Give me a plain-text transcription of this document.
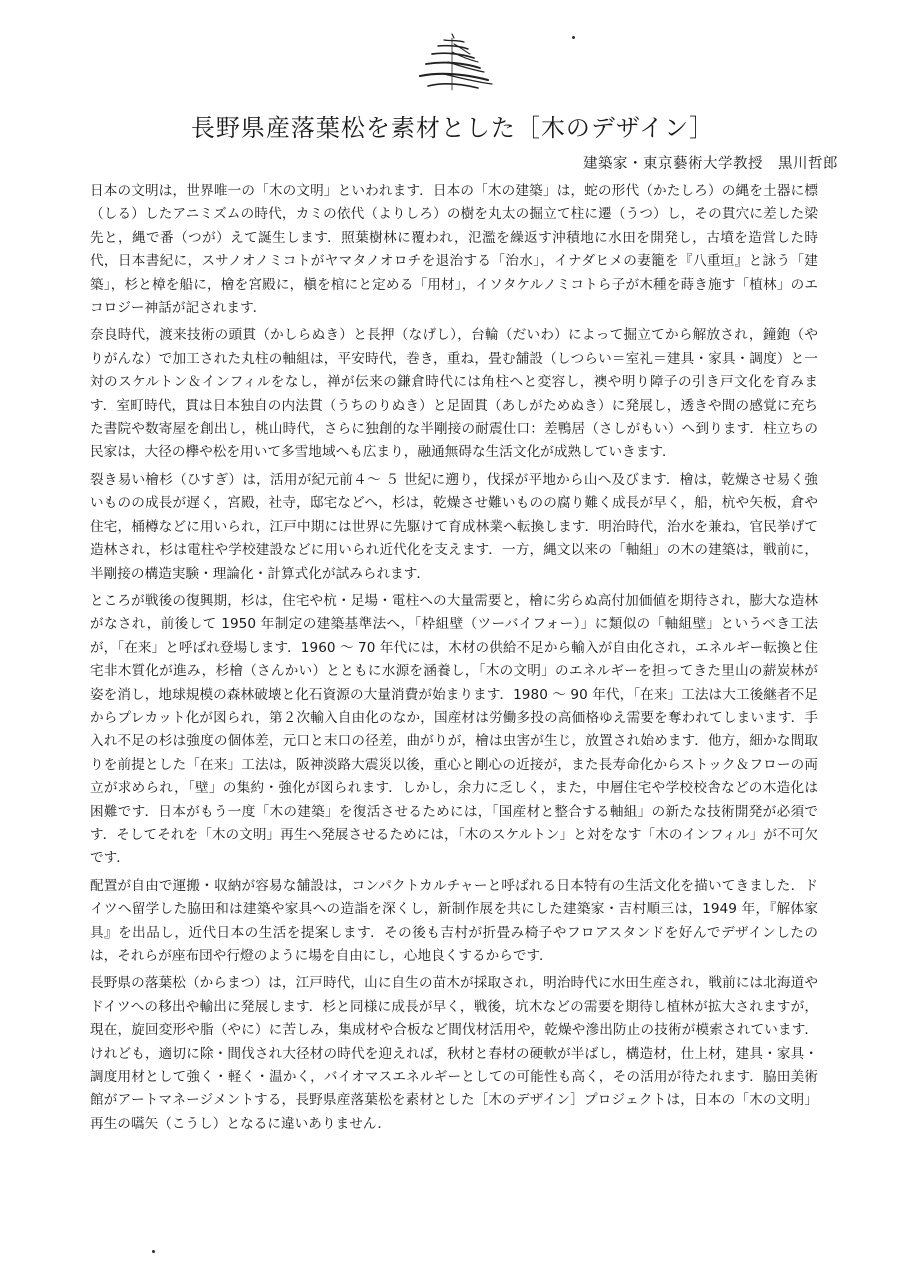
長野県産落葉松を素材とした［木のデザイン］
建築家・東京藝術大学教授　黒川哲郎

日本の文明は，世界唯一の「木の文明」といわれます．日本の「木の建築」は，蛇の形代（かたしろ）の縄を土器に標（しる）したアニミズムの時代，カミの依代（よりしろ）の樹を丸太の掘立て柱に遷（うつ）し，その貫穴に差した梁先と，縄で番（つが）えて誕生します．照葉樹林に覆われ，氾濫を繰返す沖積地に水田を開発し，古墳を造営した時代，日本書紀に，スサノオノミコトがヤマタノオロチを退治する「治水」，イナダヒメの妻籠を『八重垣』と詠う「建築」，杉と樟を船に，檜を宮殿に，槇を棺にと定める「用材」，イソタケルノミコトら子が木種を蒔き施す「植林」のエコロジー神話が記されます．

奈良時代，渡来技術の頭貫（かしらぬき）と長押（なげし），台輪（だいわ）によって掘立てから解放され，鐘鉋（やりがんな）で加工された丸柱の軸組は，平安時代，巻き，重ね，畳む舗設（しつらい＝室礼＝建具・家具・調度）と一対のスケルトン＆インフィルをなし，禅が伝来の鎌倉時代には角柱へと変容し，襖や明り障子の引き戸文化を育みます．室町時代，貫は日本独自の内法貫（うちのりぬき）と足固貫（あしがためぬき）に発展し，透きや間の感覚に充ちた書院や数寄屋を創出し，桃山時代，さらに独創的な半剛接の耐震仕口：差鴨居（さしがもい）へ到ります．柱立ちの民家は，大径の欅や松を用いて多雪地域へも広まり，融通無碍な生活文化が成熟していきます．

裂き易い檜杉（ひすぎ）は，活用が紀元前４～ ５ 世紀に遡り，伐採が平地から山へ及びます．檜は，乾燥させ易く強いものの成長が遅く，宮殿，社寺，邸宅などへ，杉は，乾燥させ難いものの腐り難く成長が早く，船，杭や矢板，倉や住宅，桶樽などに用いられ，江戸中期には世界に先駆けて育成林業へ転換します．明治時代，治水を兼ね，官民挙げて造林され，杉は電柱や学校建設などに用いられ近代化を支えます．一方，縄文以来の「軸組」の木の建築は，戦前に，半剛接の構造実験・理論化・計算式化が試みられます．

ところが戦後の復興期，杉は，住宅や杭・足場・電柱への大量需要と，檜に劣らぬ高付加価値を期待され，膨大な造林がなされ，前後して 1950 年制定の建築基準法へ，「枠組壁（ツーバイフォー）」に類似の「軸組壁」というべき工法が，「在来」と呼ばれ登場します．1960 ～ 70 年代には，木材の供給不足から輸入が自由化され，エネルギー転換と住宅非木質化が進み，杉檜（さんかい）とともに水源を涵養し，「木の文明」のエネルギーを担ってきた里山の薪炭林が姿を消し，地球規模の森林破壊と化石資源の大量消費が始まります．1980 ～ 90 年代，「在来」工法は大工後継者不足からプレカット化が図られ，第２次輸入自由化のなか，国産材は労働多投の高価格ゆえ需要を奪われてしまいます．手入れ不足の杉は強度の個体差，元口と末口の径差，曲がりが，檜は虫害が生じ，放置され始めます．他方，細かな間取りを前提とした「在来」工法は，阪神淡路大震災以後，重心と剛心の近接が，また長寿命化からストック＆フローの両立が求められ，「壁」の集約・強化が図られます．しかし，余力に乏しく，また，中層住宅や学校校舎などの木造化は困難です．日本がもう一度「木の建築」を復活させるためには，「国産材と整合する軸組」の新たな技術開発が必須です．そしてそれを「木の文明」再生へ発展させるためには，「木のスケルトン」と対をなす「木のインフィル」が不可欠です．

配置が自由で運搬・収納が容易な舗設は，コンパクトカルチャーと呼ばれる日本特有の生活文化を描いてきました．ドイツへ留学した脇田和は建築や家具への造詣を深くし，新制作展を共にした建築家・吉村順三は，1949 年，『解体家具』を出品し，近代日本の生活を提案します．その後も吉村が折畳み椅子やフロアスタンドを好んでデザインしたのは，それらが座布団や行燈のように場を自由にし，心地良くするからです．

長野県の落葉松（からまつ）は，江戸時代，山に自生の苗木が採取され，明治時代に水田生産され，戦前には北海道やドイツへの移出や輸出に発展します．杉と同様に成長が早く，戦後，坑木などの需要を期待し植林が拡大されますが，現在，旋回変形や脂（やに）に苦しみ，集成材や合板など間伐材活用や，乾燥や滲出防止の技術が模索されています．けれども，適切に除・間伐され大径材の時代を迎えれば，秋材と春材の硬軟が半ばし，構造材，仕上材，建具・家具・調度用材として強く・軽く・温かく，バイオマスエネルギーとしての可能性も高く，その活用が待たれます．脇田美術館がアートマネージメントする，長野県産落葉松を素材とした［木のデザイン］プロジェクトは，日本の「木の文明」再生の嚆矢（こうし）となるに違いありません．
